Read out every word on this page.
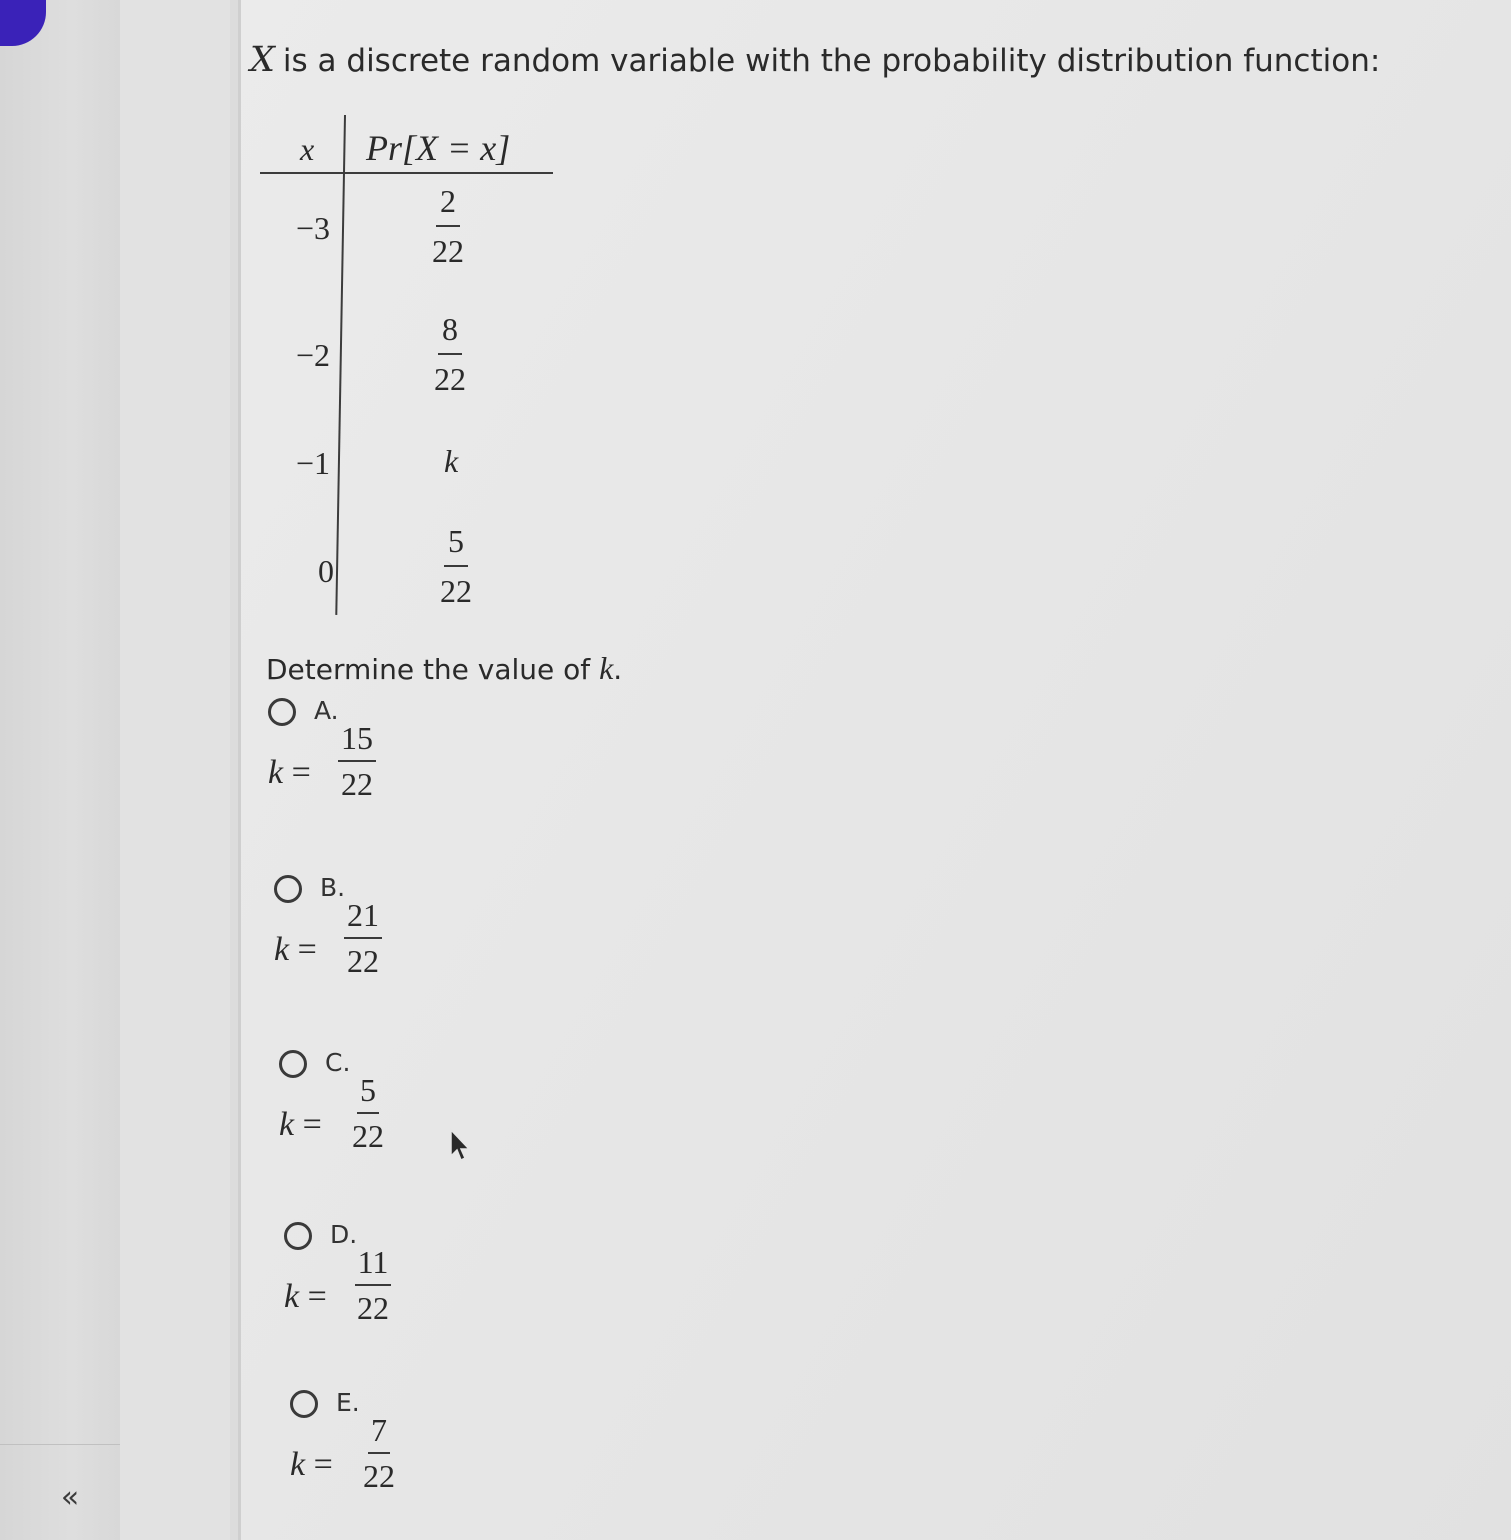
«
X is a discrete random variable with the probability distribution function:
x Pr[X = x]
−3	$\frac{2}{22}$
−2	$\frac{8}{22}$
−1	k
0	$\frac{5}{22}$
Determine the value of k.
A.
$k = \frac{15}{22}$
B.
$k = \frac{21}{22}$
C.
$k = \frac{5}{22}$
D.
$k = \frac{11}{22}$
E.
$k = \frac{7}{22}$
